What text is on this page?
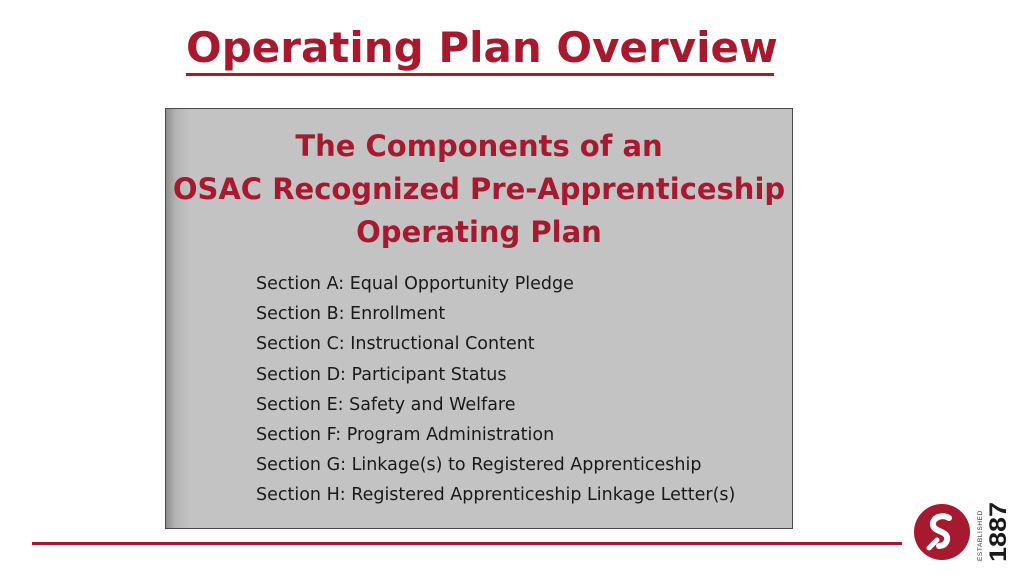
Operating Plan Overview
The Components of an
OSAC Recognized Pre-Apprenticeship
Operating Plan
Section A: Equal Opportunity Pledge
Section B: Enrollment
Section C: Instructional Content
Section D: Participant Status
Section E: Safety and Welfare
Section F: Program Administration
Section G: Linkage(s) to Registered Apprenticeship
Section H: Registered Apprenticeship Linkage Letter(s)
ESTABLISHED 1887
